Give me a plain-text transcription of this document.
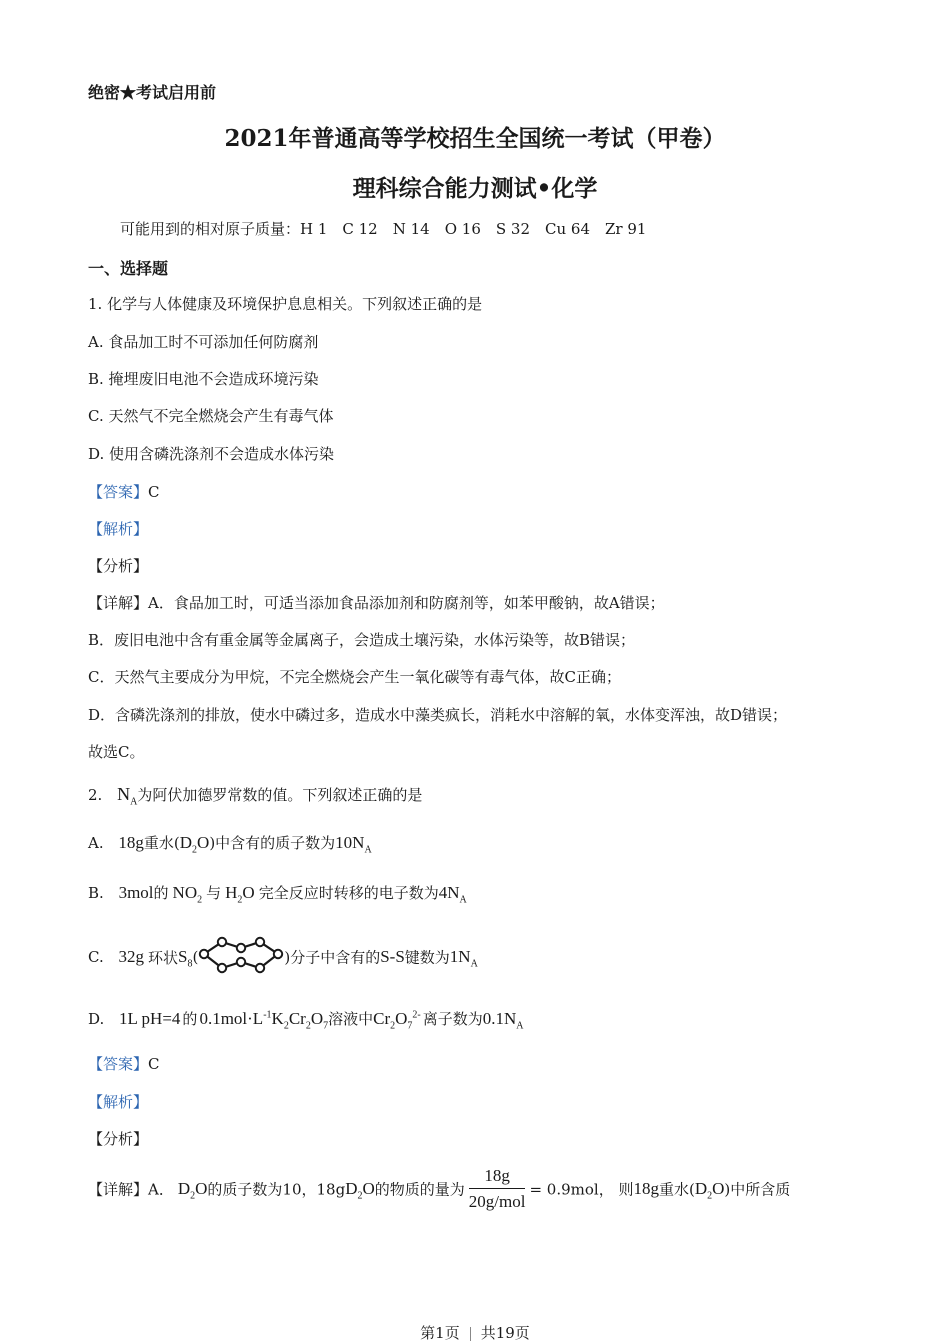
绝密★考试启用前
2021年普通高等学校招生全国统一考试（甲卷）
理科综合能力测试•化学
可能用到的相对原子质量：H 1　C 12　N 14　O 16　S 32　Cu 64　Zr 91
一、选择题
1. 化学与人体健康及环境保护息息相关。下列叙述正确的是
A. 食品加工时不可添加任何防腐剂
B. 掩埋废旧电池不会造成环境污染
C. 天然气不完全燃烧会产生有毒气体
D. 使用含磷洗涤剂不会造成水体污染
【答案】C
【解析】
【分析】
【详解】A．食品加工时，可适当添加食品添加剂和防腐剂等，如苯甲酸钠，故A错误；
B．废旧电池中含有重金属等金属离子，会造成土壤污染，水体污染等，故B错误；
C．天然气主要成分为甲烷，不完全燃烧会产生一氧化碳等有毒气体，故C正确；
D．含磷洗涤剂的排放，使水中磷过多，造成水中藻类疯长，消耗水中溶解的氧，水体变浑浊，故D错误；
故选C。
2. $N_A$为阿伏加德罗常数的值。下列叙述正确的是
A. 18g重水$(D_2O)$中含有的质子数为$10N_A$
B. 3mol的 $NO_2$ 与 $H_2O$ 完全反应时转移的电子数为$4N_A$
C. 32g 环状$S_8$(	)分子中含有的S-S键数为$1N_A$
D. 1L pH=4 的 $0.1mol\cdot L^{-1}K_2Cr_2O_7$溶液中$Cr_2O_7^{2-}$ 离子数为$0.1N_A$
【答案】C
【解析】
【分析】
【详解】A． $D_2O$的质子数为10，$18gD_2O$的物质的量为 $\frac{18g}{\text{20g/mol}} = 0.9mol$， 则18g重水$(D_2O)$中所含质
第1页 共19页
